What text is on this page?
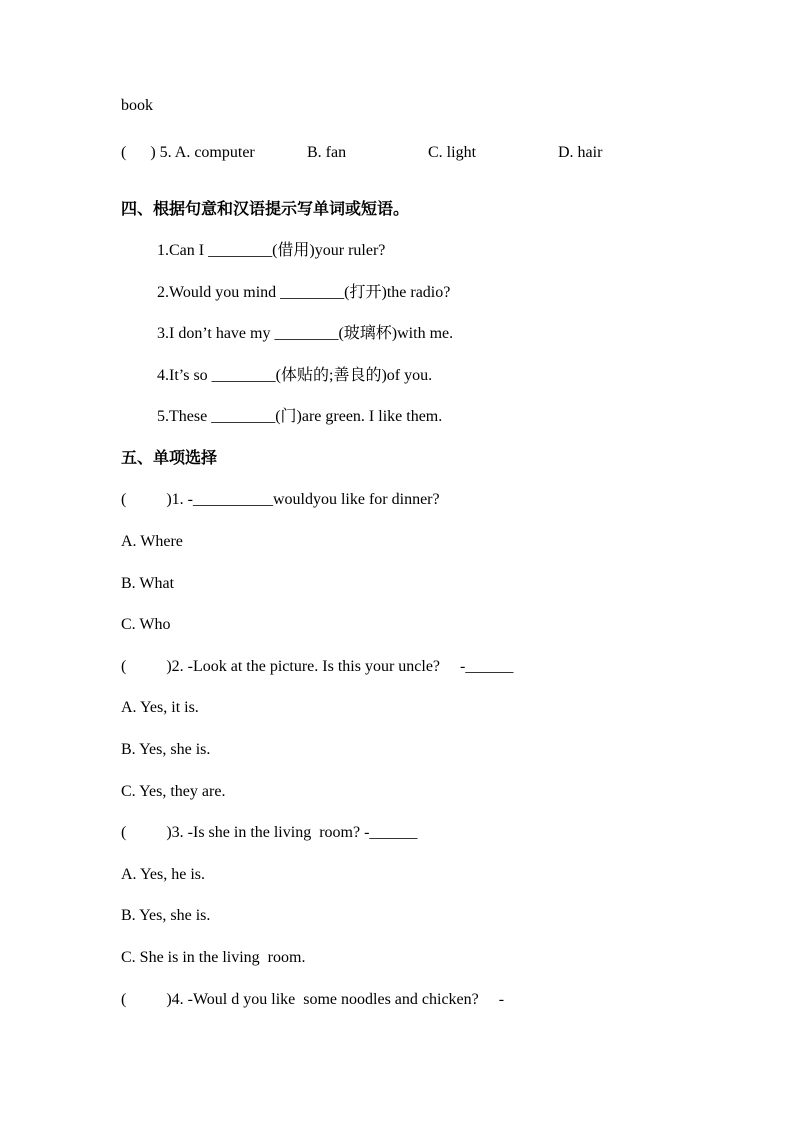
book
(      ) 5. A. computer	B. fan	C. light	D. hair
四、根据句意和汉语提示写单词或短语。
1.Can I ________(借用)your ruler?
2.Would you mind ________(打开)the radio?
3.I don’t have my ________(玻璃杯)with me.
4.It’s so ________(体贴的;善良的)of you.
5.These ________(门)are green. I like them.
五、单项选择
(          )1. -__________wouldyou like for dinner?
A. Where
B. What
C. Who
(          )2. -Look at the picture. Is this your uncle?     -______
A. Yes, it is.
B. Yes, she is.
C. Yes, they are.
(          )3. -Is she in the living  room? -______
A. Yes, he is.
B. Yes, she is.
C. She is in the living  room.
(          )4. -Woul d you like  some noodles and chicken?     -
